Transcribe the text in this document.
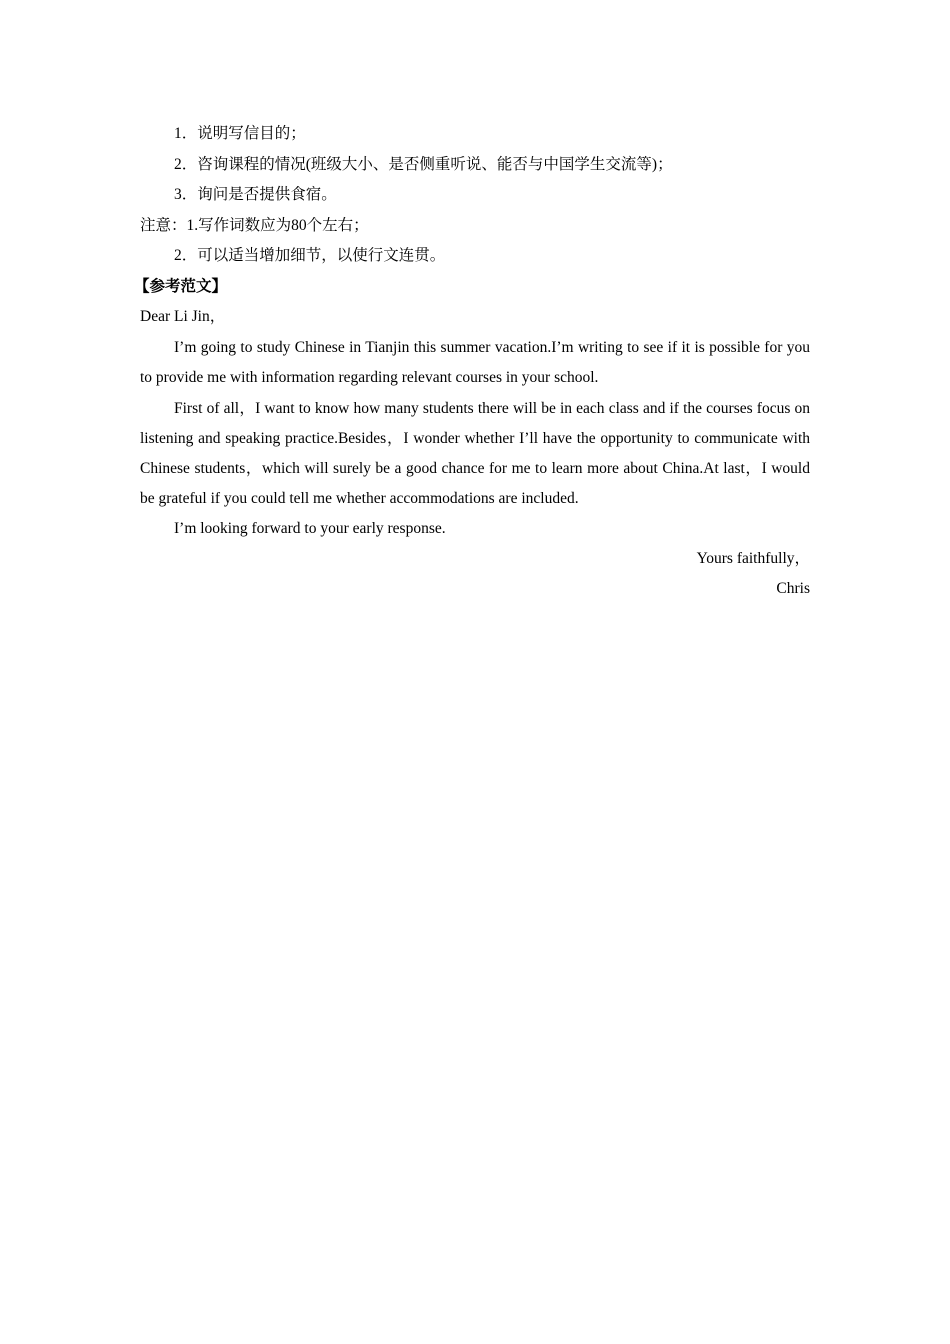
1．说明写信目的；
2．咨询课程的情况(班级大小、是否侧重听说、能否与中国学生交流等)；
3．询问是否提供食宿。
注意：1.写作词数应为80个左右；
2．可以适当增加细节，以使行文连贯。
【参考范文】
Dear Li Jin，
I’m going to study Chinese in Tianjin this summer vacation.I’m writing to see if it is possible for you to provide me with information regarding relevant courses in your school.
First of all，I want to know how many students there will be in each class and if the courses focus on listening and speaking practice.Besides，I wonder whether I’ll have the opportunity to communicate with Chinese students，which will surely be a good chance for me to learn more about China.At last，I would be grateful if you could tell me whether accommodations are included.
I’m looking forward to your early response.
Yours faithfully，
Chris
